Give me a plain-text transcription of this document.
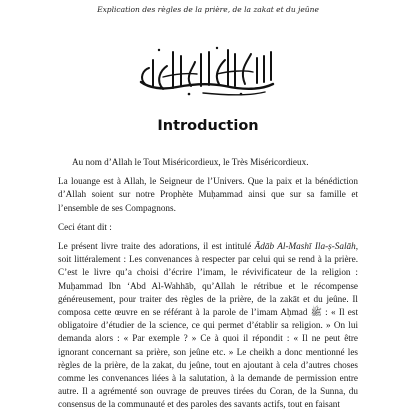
Explication des règles de la prière, de la zakat et du jeûne
Introduction

Au nom d’Allah le Tout Miséricordieux, le Très Miséricordieux.

La louange est à Allah, le Seigneur de l’Univers. Que la paix et la bénédiction d’Allah soient sur notre Prophète Muḥammad ainsi que sur sa famille et l’ensemble de ses Compagnons.

Ceci étant dit :

Le présent livre traite des adorations, il est intitulé Ādāb Al-Mashī Ila-ṣ-Salāh, soit littéralement : Les convenances à respecter par celui qui se rend à la prière. C’est le livre qu’a choisi d’écrire l’imam, le révivificateur de la religion : Muḥammad Ibn ‘Abd Al-Wahhāb, qu’Allah le rétribue et le récompense généreusement, pour traiter des règles de la prière, de la zakāt et du jeûne. Il composa cette œuvre en se référant à la parole de l’imam Aḥmad ﷺ : « Il est obligatoire d’étudier de la science, ce qui permet d’établir sa religion. » On lui demanda alors : « Par exemple ? » Ce à quoi il répondit : « Il ne peut être ignorant concernant sa prière, son jeûne etc. » Le cheikh a donc mentionné les règles de la prière, de la zakat, du jeûne, tout en ajoutant à cela d’autres choses comme les convenances liées à la salutation, à la demande de permission entre autre. Il a agrémenté son ouvrage de preuves tirées du Coran, de la Sunna, du consensus de la communauté et des paroles des savants actifs, tout en faisant
